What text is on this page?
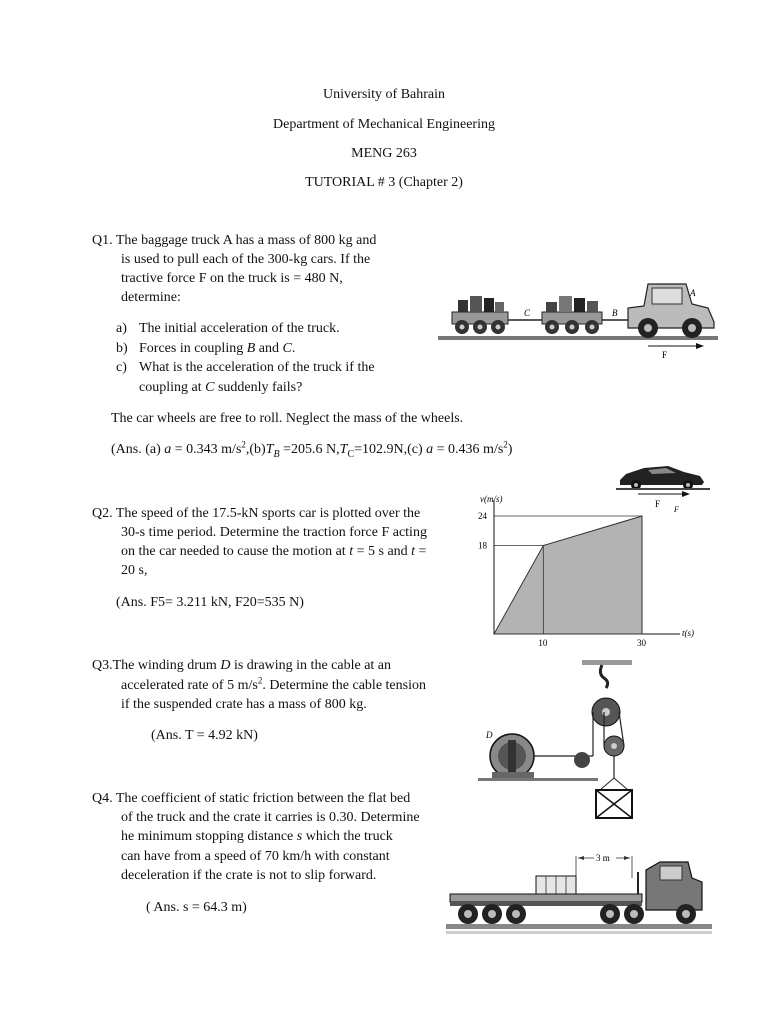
University of Bahrain
Department of Mechanical Engineering
MENG 263
TUTORIAL # 3 (Chapter 2)
Q1. The baggage truck A has a mass of 800 kg and
is used to pull each of the 300-kg cars. If the
tractive force F on the truck is = 480 N,
determine:
a) The initial acceleration of the truck.
b) Forces in coupling B and C.
c) What is the acceleration of the truck if the
coupling at C suddenly fails?
The car wheels are free to roll. Neglect the mass of the wheels.
(Ans. (a) a = 0.343 $m/s^2,(b)T_B =205.6$ $N,T_C=102.9N,(c) a = 0.436$ $m/s^2$)
C	B
A
F
Q2. The speed of the 17.5-kN sports car is plotted over the
30-s time period. Determine the traction force F acting
on the car needed to cause the motion at t = 5 s and t =
20 s,
(Ans. F5= 3.211 kN, F20=535 N)
F
F
v(m/s)
24
18
10	30
t(s)
Q3.The winding drum D is drawing in the cable at an
accelerated rate of 5 $m/s^2$. Determine the cable tension
if the suspended crate has a mass of 800 kg.
(Ans. T = 4.92 kN)	D
Q4. The coefficient of static friction between the flat bed
of the truck and the crate it carries is 0.30. Determine
he minimum stopping distance s which the truck
can have from a speed of 70 km/h with constant
deceleration if the crate is not to slip forward.
( Ans. s = 64.3 m)
3 m
